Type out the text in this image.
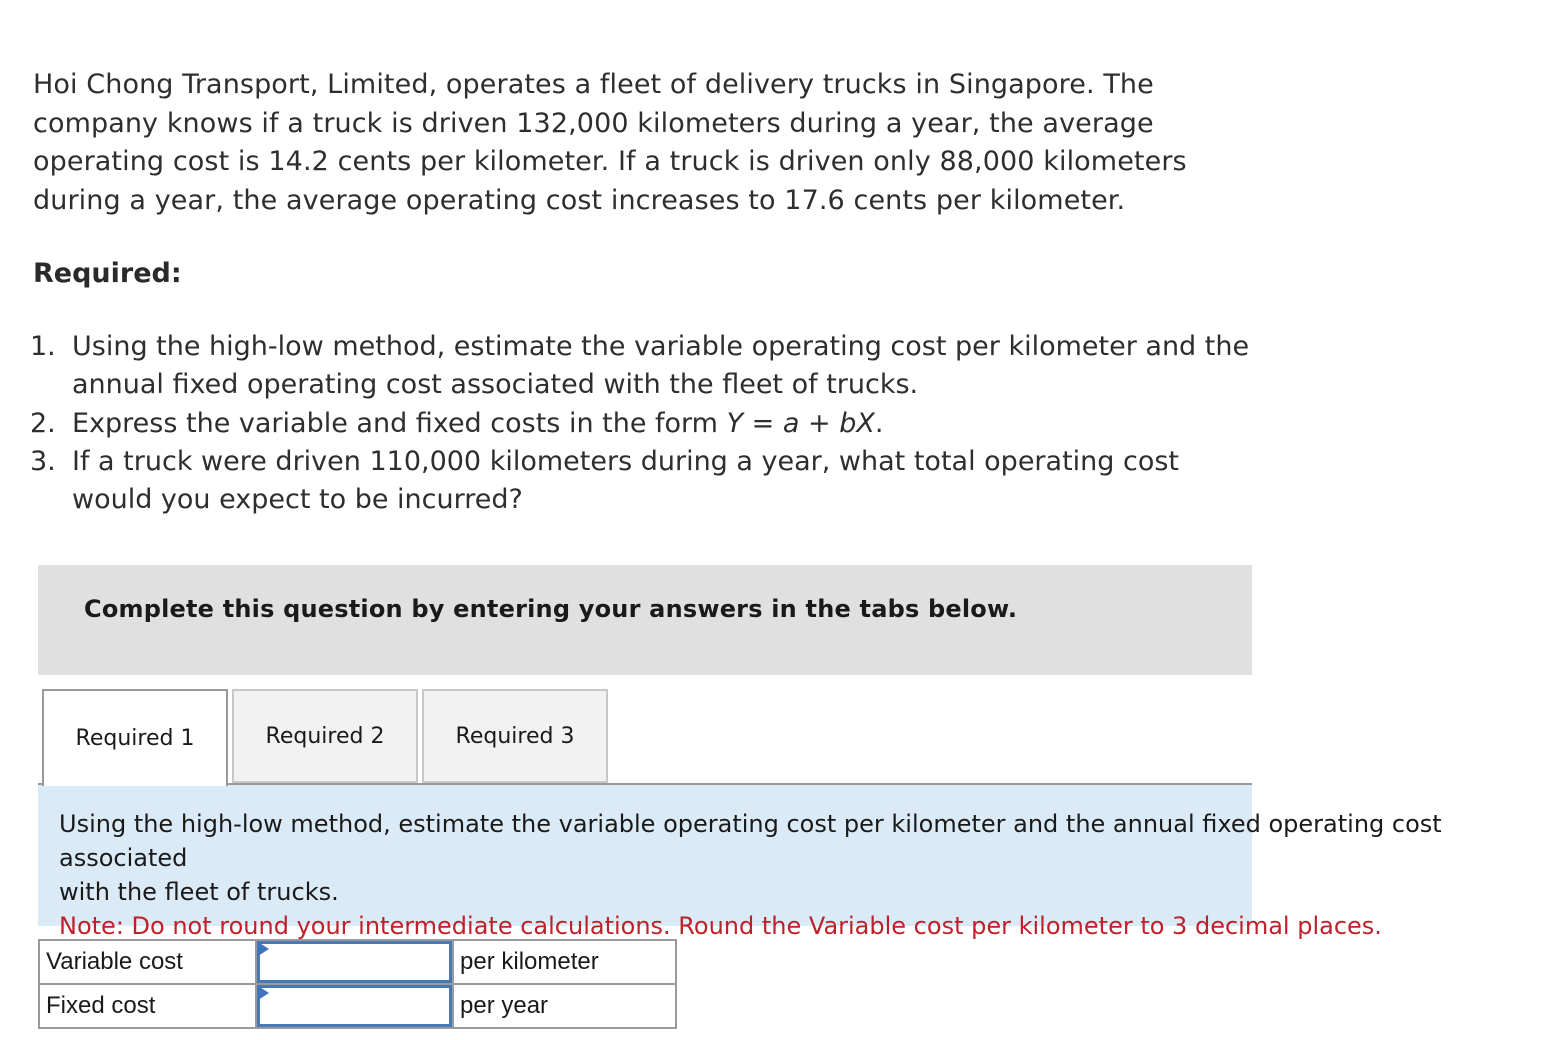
Hoi Chong Transport, Limited, operates a fleet of delivery trucks in Singapore. The company knows if a truck is driven 132,000 kilometers during a year, the average operating cost is 14.2 cents per kilometer. If a truck is driven only 88,000 kilometers during a year, the average operating cost increases to 17.6 cents per kilometer.

Required:
1. Using the high-low method, estimate the variable operating cost per kilometer and the annual fixed operating cost associated with the fleet of trucks.
2. Express the variable and fixed costs in the form Y = a + bX.
3. If a truck were driven 110,000 kilometers during a year, what total operating cost would you expect to be incurred?

Complete this question by entering your answers in the tabs below.

Required 1	Required 2	Required 3

Using the high-low method, estimate the variable operating cost per kilometer and the annual fixed operating cost associated
with the fleet of trucks.
Note: Do not round your intermediate calculations. Round the Variable cost per kilometer to 3 decimal places.

Variable cost		per kilometer
Fixed cost		per year
